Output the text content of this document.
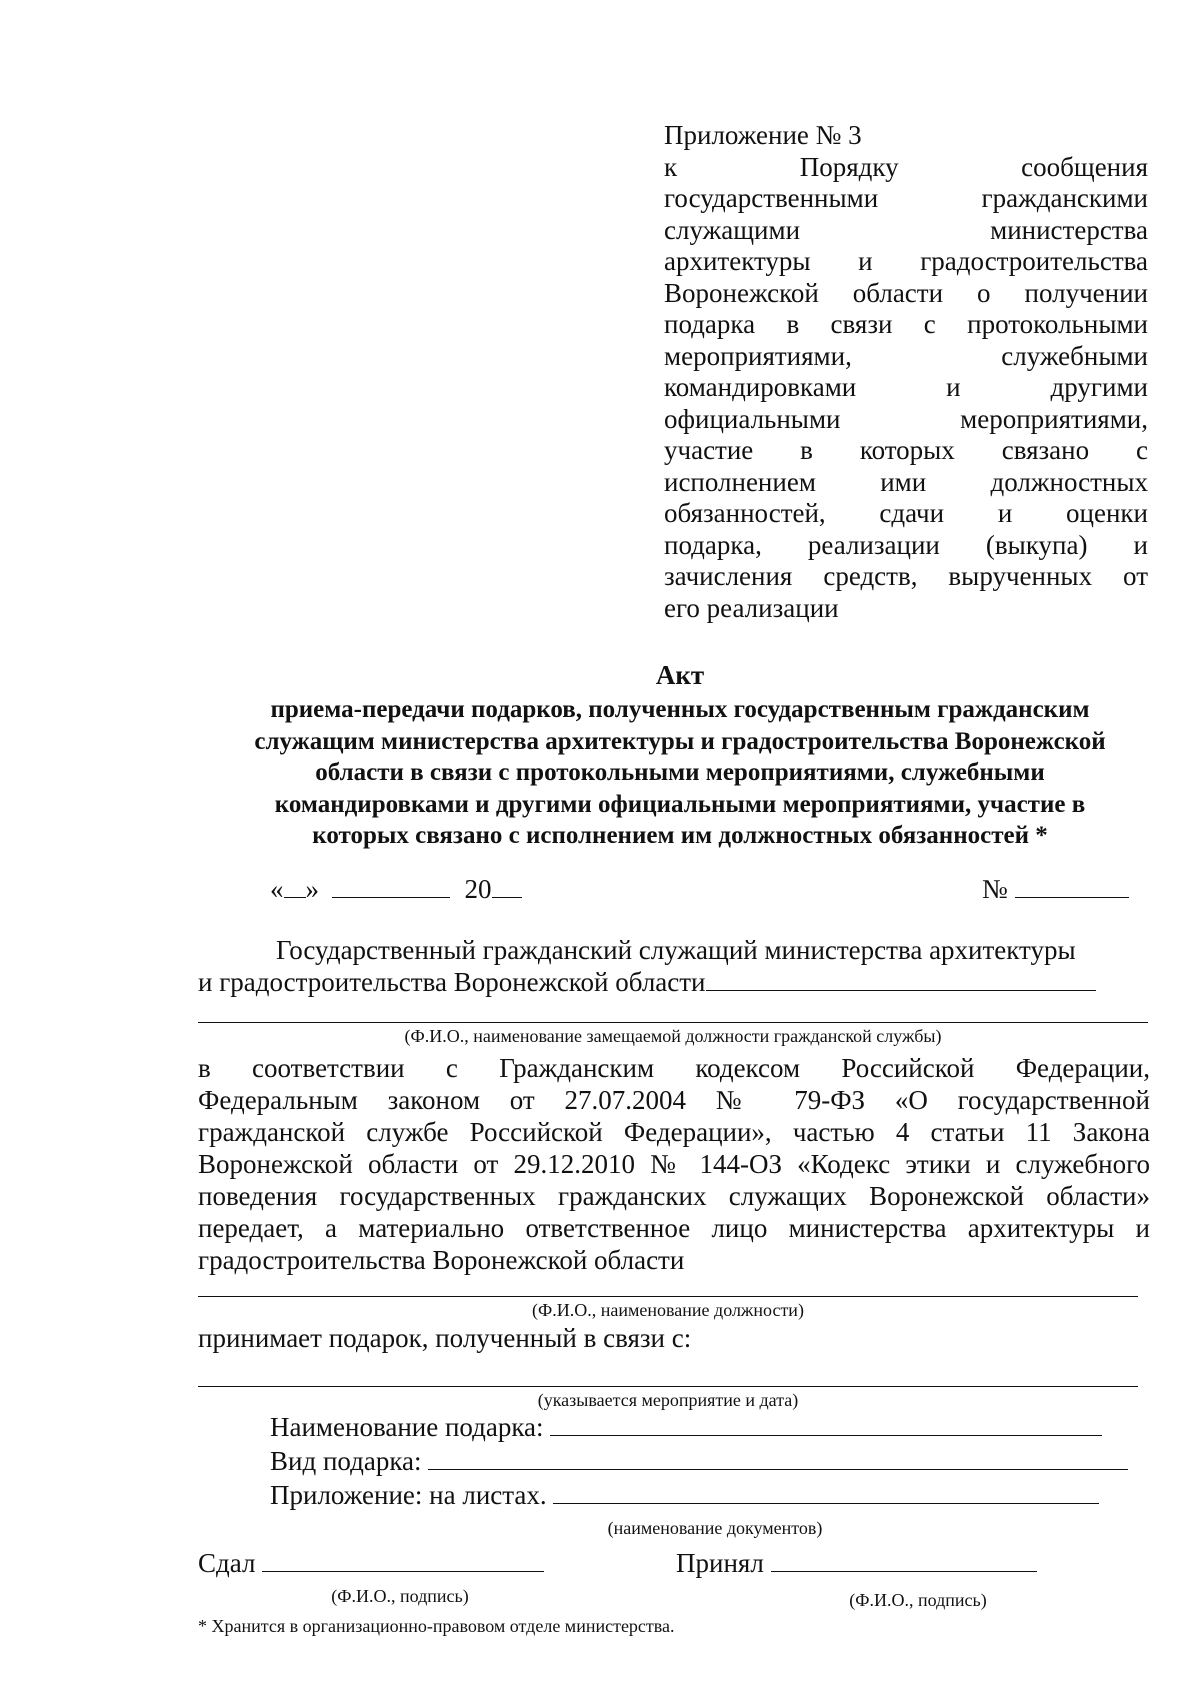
Приложение № 3
к Порядку сообщения
государственными гражданскими
служащими министерства
архитектуры и градостроительства
Воронежской области о получении
подарка в связи с протокольными
мероприятиями, служебными
командировками и другими
официальными мероприятиями,
участие в которых связано с
исполнением ими должностных
обязанностей, сдачи и оценки
подарка, реализации (выкупа) и
зачисления средств, вырученных от
его реализации
Акт
приема-передачи подарков, полученных государственным гражданским
служащим министерства архитектуры и градостроительства Воронежской
области в связи с протокольными мероприятиями, служебными
командировками и другими официальными мероприятиями, участие в
которых связано с исполнением им должностных обязанностей *
« »	20	№
Государственный гражданский служащий министерства архитектуры
и градостроительства Воронежской области
(Ф.И.О., наименование замещаемой должности гражданской службы)
в соответствии с Гражданским кодексом Российской Федерации,
Федеральным законом от 27.07.2004 № 79-ФЗ «О государственной
гражданской службе Российской Федерации», частью 4 статьи 11 Закона
Воронежской области от 29.12.2010 № 144-ОЗ «Кодекс этики и служебного
поведения государственных гражданских служащих Воронежской области»
передает, а материально ответственное лицо министерства архитектуры и
градостроительства Воронежской области
(Ф.И.О., наименование должности)
принимает подарок, полученный в связи с:
(указывается мероприятие и дата)
Наименование подарка:
Вид подарка:
Приложение: на листах.
(наименование документов)
Сдал	Принял
(Ф.И.О., подпись)	(Ф.И.О., подпись)
* Хранится в организационно-правовом отделе министерства.
